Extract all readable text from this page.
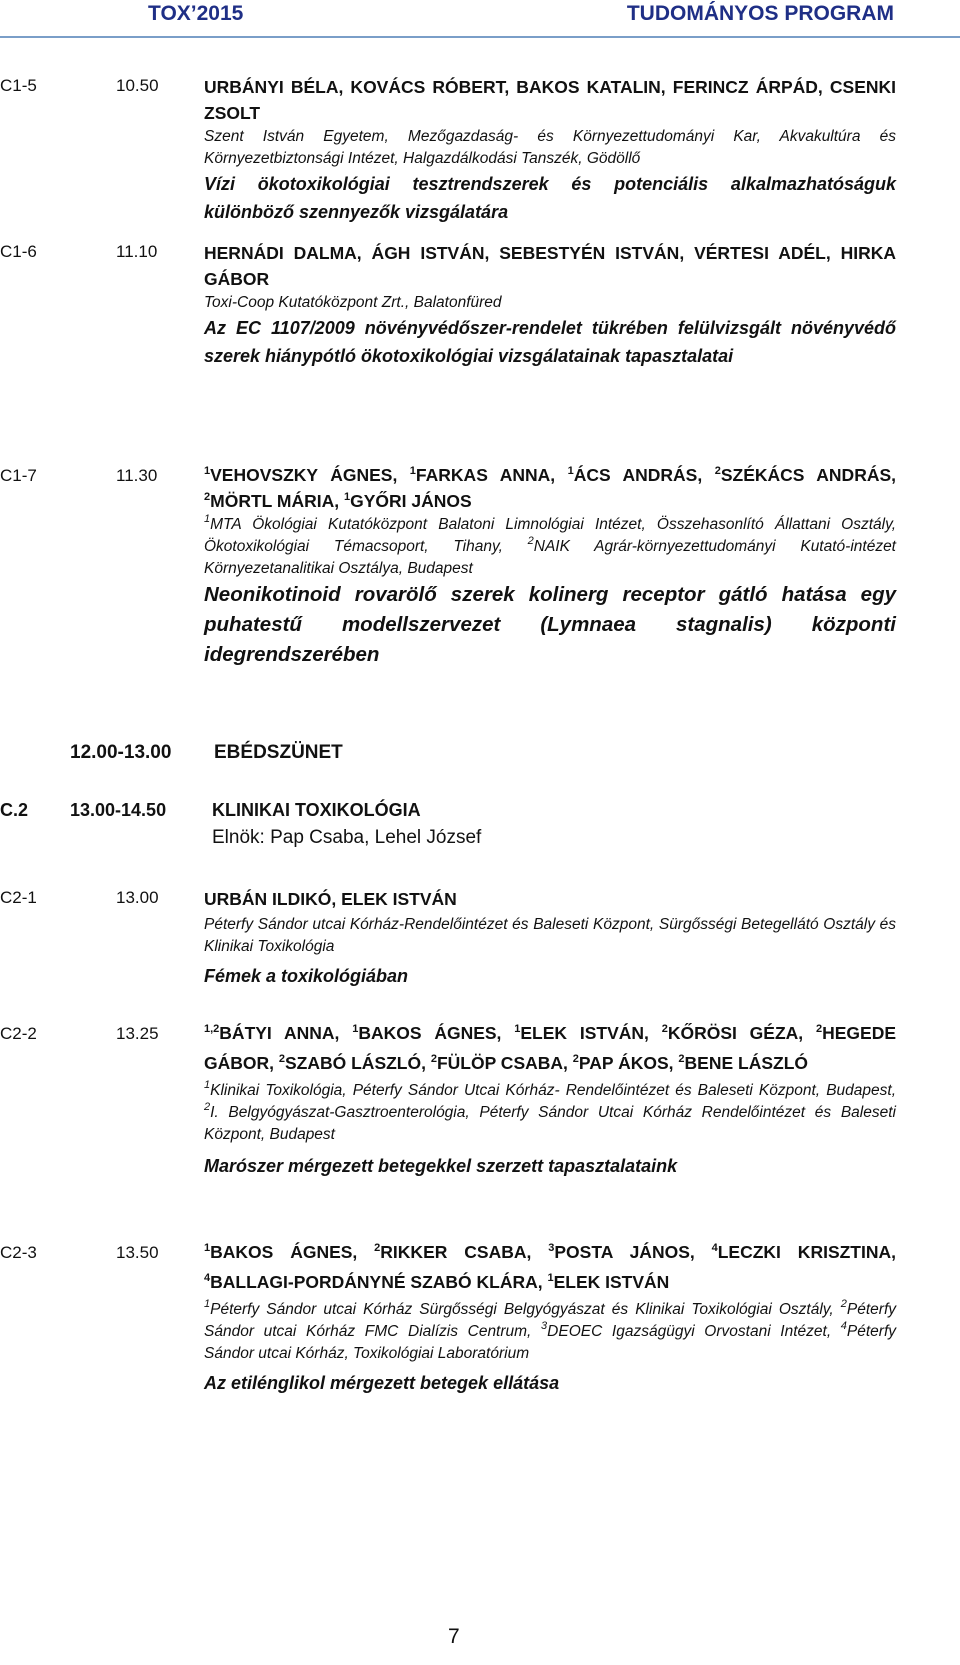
TOX’2015	TUDOMÁNYOS PROGRAM
C1-5	10.50	URBÁNYI BÉLA, KOVÁCS RÓBERT, BAKOS KATALIN, FERINCZ ÁRPÁD, CSENKI ZSOLT
Szent István Egyetem, Mezőgazdaság- és Környezettudományi Kar, Akvakultúra és Környezetbiztonsági Intézet, Halgazdálkodási Tanszék, Gödöllő
Vízi ökotoxikológiai tesztrendszerek és potenciális alkalmazhatóságuk különböző szennyezők vizsgálatára
C1-6	11.10	HERNÁDI DALMA, ÁGH ISTVÁN, SEBESTYÉN ISTVÁN, VÉRTESI ADÉL, HIRKA GÁBOR
Toxi-Coop Kutatóközpont Zrt., Balatonfüred
Az EC 1107/2009 növényvédőszer-rendelet tükrében felülvizsgált növényvédő szerek hiánypótló ökotoxikológiai vizsgálatainak tapasztalatai
C1-7	11.30	$^1$VEHOVSZKY ÁGNES, $^1$FARKAS ANNA, $^1$ÁCS ANDRÁS, $^2$SZÉKÁCS ANDRÁS, $^2$MÖRTL MÁRIA, $^1$GYŐRI JÁNOS
$^1$MTA Ökológiai Kutatóközpont Balatoni Limnológiai Intézet, Összehasonlító Állattani Osztály, Ökotoxikológiai Témacsoport, Tihany, $^2$NAIK Agrár-környezettudományi Kutató-intézet Környezetanalitikai Osztálya, Budapest
Neonikotinoid rovarölő szerek kolinerg receptor gátló hatása egy puhatestű modellszervezet (Lymnaea stagnalis) központi idegrendszerében
12.00-13.00 EBÉDSZÜNET
C.2 13.00-14.50	KLINIKAI TOXIKOLÓGIA
Elnök: Pap Csaba, Lehel József
C2-1	13.00	URBÁN ILDIKÓ, ELEK ISTVÁN
Péterfy Sándor utcai Kórház-Rendelőintézet és Baleseti Központ, Sürgősségi Betegellátó Osztály és Klinikai Toxikológia
Fémek a toxikológiában
C2-2	13.25	$^{1,2}$BÁTYI ANNA, $^1$BAKOS ÁGNES, $^1$ELEK ISTVÁN, $^2$KŐRÖSI GÉZA, $^2$HEGEDE GÁBOR, $^2$SZABÓ LÁSZLÓ, $^2$FÜLÖP CSABA, $^2$PAP ÁKOS, $^2$BENE LÁSZLÓ
$^1$Klinikai Toxikológia, Péterfy Sándor Utcai Kórház- Rendelőintézet és Baleseti Központ, Budapest, $^2$I. Belgyógyászat-Gasztroenterológia, Péterfy Sándor Utcai Kórház Rendelőintézet és Baleseti Központ, Budapest
Marószer mérgezett betegekkel szerzett tapasztalataink
C2-3	13.50	$^1$BAKOS ÁGNES, $^2$RIKKER CSABA, $^3$POSTA JÁNOS, $^4$LECZKI KRISZTINA, $^4$BALLAGI-PORDÁNYNÉ SZABÓ KLÁRA, $^1$ELEK ISTVÁN
$^1$Péterfy Sándor utcai Kórház Sürgősségi Belgyógyászat és Klinikai Toxikológiai Osztály, $^2$Péterfy Sándor utcai Kórház FMC Dialízis Centrum, $^3$DEOEC Igazságügyi Orvostani Intézet, $^4$Péterfy Sándor utcai Kórház, Toxikológiai Laboratórium
Az etilénglikol mérgezett betegek ellátása
7
